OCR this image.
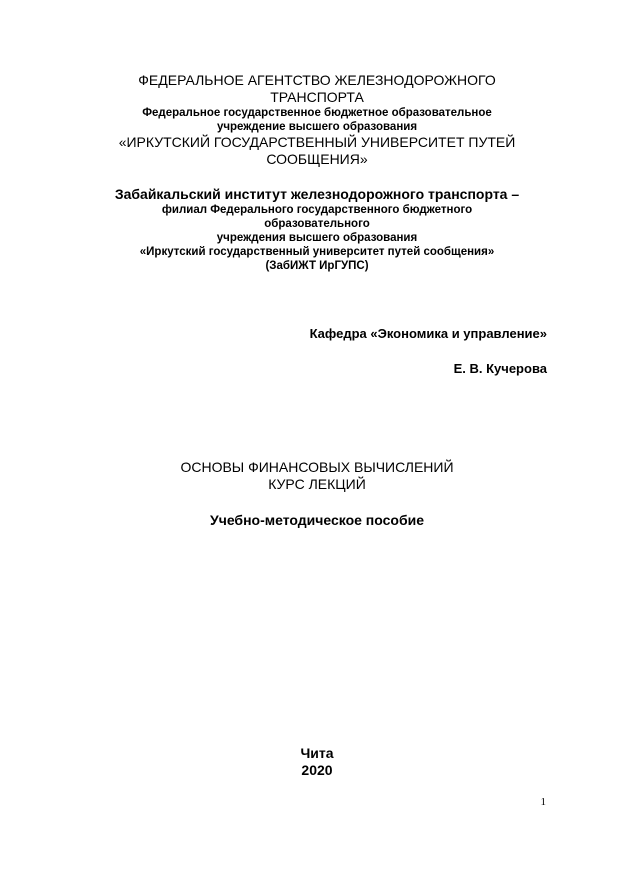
ФЕДЕРАЛЬНОЕ АГЕНТСТВО ЖЕЛЕЗНОДОРОЖНОГО
ТРАНСПОРТА
Федеральное государственное бюджетное образовательное
учреждение высшего образования
«ИРКУТСКИЙ ГОСУДАРСТВЕННЫЙ УНИВЕРСИТЕТ ПУТЕЙ
СООБЩЕНИЯ»
Забайкальский институт железнодорожного транспорта –
филиал Федерального государственного бюджетного
образовательного
учреждения высшего образования
«Иркутский государственный университет путей сообщения»
(ЗабИЖТ ИрГУПС)
Кафедра «Экономика и управление»
Е. В. Кучерова
ОСНОВЫ ФИНАНСОВЫХ ВЫЧИСЛЕНИЙ
КУРС ЛЕКЦИЙ
Учебно-методическое пособие
Чита
2020
1
